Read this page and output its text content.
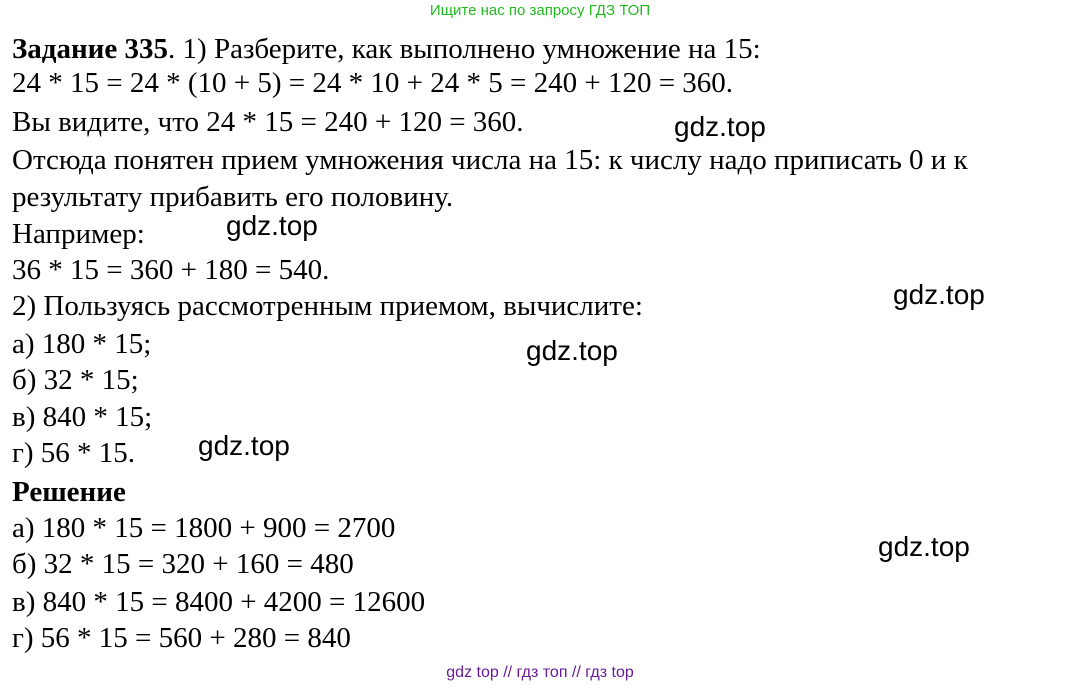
Ищите нас по запросу ГДЗ ТОП
Задание 335. 1) Разберите, как выполнено умножение на 15:
24 * 15 = 24 * (10 + 5) = 24 * 10 + 24 * 5 = 240 + 120 = 360.
Вы видите, что 24 * 15 = 240 + 120 = 360.
Отсюда понятен прием умножения числа на 15: к числу надо приписать 0 и к
результату прибавить его половину.
Например:
36 * 15 = 360 + 180 = 540.
2) Пользуясь рассмотренным приемом, вычислите:
а) 180 * 15;
б) 32 * 15;
в) 840 * 15;
г) 56 * 15.
Решение
а) 180 * 15 = 1800 + 900 = 2700
б) 32 * 15 = 320 + 160 = 480
в) 840 * 15 = 8400 + 4200 = 12600
г) 56 * 15 = 560 + 280 = 840
gdz.top
gdz.top
gdz.top
gdz.top
gdz.top
gdz.top
gdz top // гдз топ // гдз top
